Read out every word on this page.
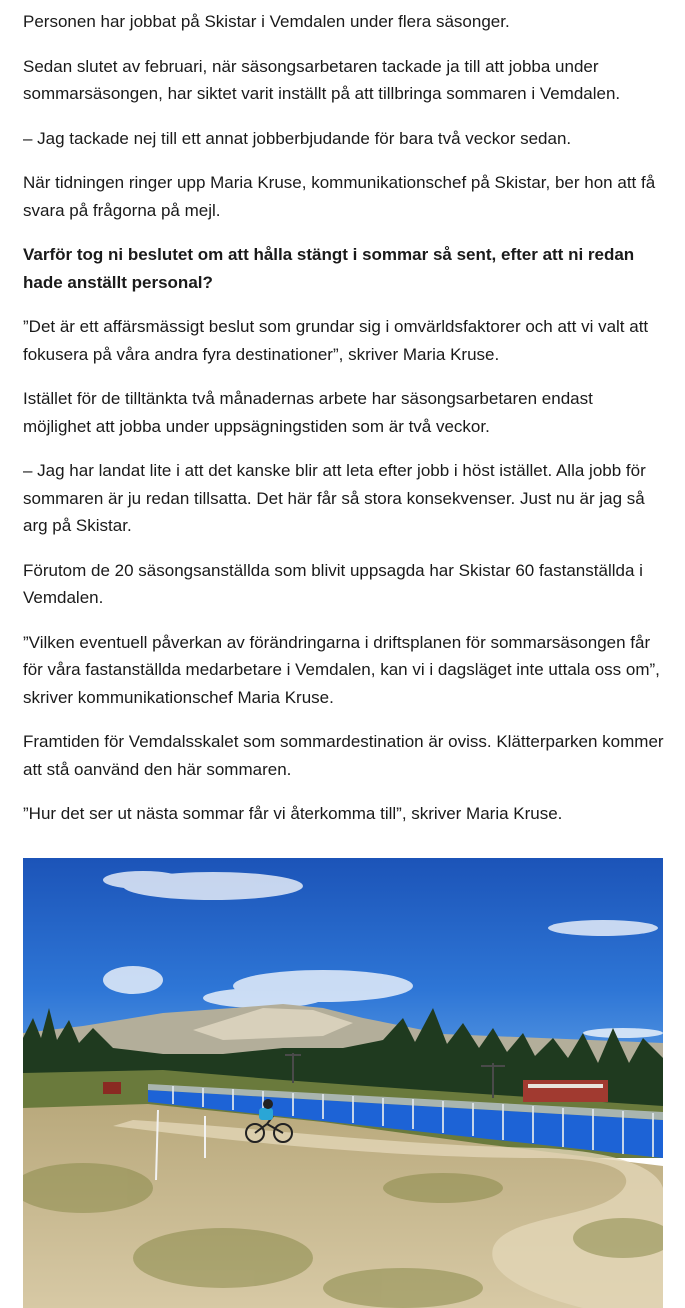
Personen har jobbat på Skistar i Vemdalen under flera säsonger.

Sedan slutet av februari, när säsongsarbetaren tackade ja till att jobba under sommarsäsongen, har siktet varit inställt på att tillbringa sommaren i Vemdalen.

– Jag tackade nej till ett annat jobberbjudande för bara två veckor sedan.

När tidningen ringer upp Maria Kruse, kommunikationschef på Skistar, ber hon att få svara på frågorna på mejl.

Varför tog ni beslutet om att hålla stängt i sommar så sent, efter att ni redan hade anställt personal?

”Det är ett affärsmässigt beslut som grundar sig i omvärldsfaktorer och att vi valt att fokusera på våra andra fyra destinationer”, skriver Maria Kruse.

Istället för de tilltänkta två månadernas arbete har säsongsarbetaren endast möjlighet att jobba under uppsägningstiden som är två veckor.

– Jag har landat lite i att det kanske blir att leta efter jobb i höst istället. Alla jobb för sommaren är ju redan tillsatta. Det här får så stora konsekvenser. Just nu är jag så arg på Skistar.

Förutom de 20 säsongsanställda som blivit uppsagda har Skistar 60 fastanställda i Vemdalen.

”Vilken eventuell påverkan av förändringarna i driftsplanen för sommarsäsongen får för våra fastanställda medarbetare i Vemdalen, kan vi i dagsläget inte uttala oss om”, skriver kommunikationschef Maria Kruse.

Framtiden för Vemdalsskalet som sommardestination är oviss. Klätterparken kommer att stå oanvänd den här sommaren.

”Hur det ser ut nästa sommar får vi återkomma till”, skriver Maria Kruse.
